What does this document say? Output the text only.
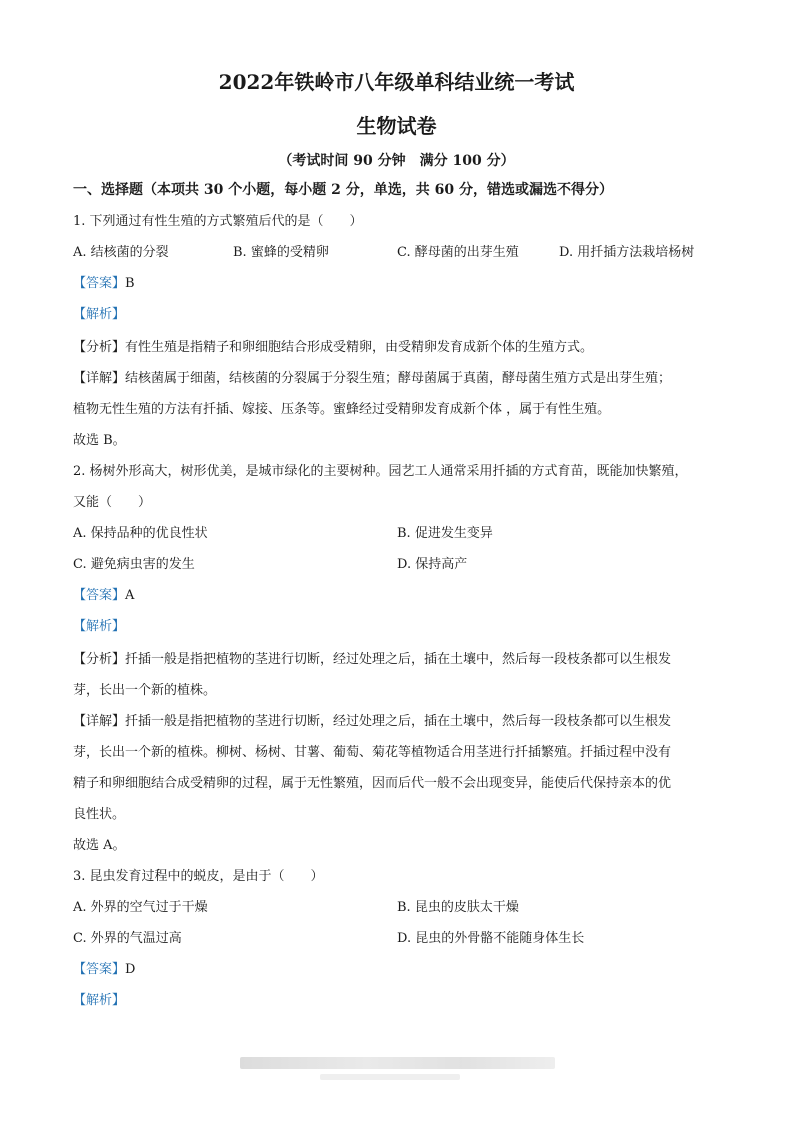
2022年铁岭市八年级单科结业统一考试
生物试卷
（考试时间 90 分钟　满分 100 分）
一、选择题（本项共 30 个小题，每小题 2 分，单选，共 60 分，错选或漏选不得分）
1. 下列通过有性生殖的方式繁殖后代的是（　　）
A. 结核菌的分裂	B. 蜜蜂的受精卵	C. 酵母菌的出芽生殖	D. 用扦插方法栽培杨树
【答案】B
【解析】
【分析】有性生殖是指精子和卵细胞结合形成受精卵，由受精卵发育成新个体的生殖方式。
【详解】结核菌属于细菌，结核菌的分裂属于分裂生殖；酵母菌属于真菌，酵母菌生殖方式是出芽生殖；
植物无性生殖的方法有扦插、嫁接、压条等。蜜蜂经过受精卵发育成新个体 ，属于有性生殖。
故选 B。
2. 杨树外形高大，树形优美，是城市绿化的主要树种。园艺工人通常采用扦插的方式育苗，既能加快繁殖，
又能（　　）
A. 保持品种的优良性状	B. 促进发生变异
C. 避免病虫害的发生	D. 保持高产
【答案】A
【解析】
【分析】扦插一般是指把植物的茎进行切断，经过处理之后，插在土壤中，然后每一段枝条都可以生根发
芽，长出一个新的植株。
【详解】扦插一般是指把植物的茎进行切断，经过处理之后，插在土壤中，然后每一段枝条都可以生根发
芽，长出一个新的植株。柳树、杨树、甘薯、葡萄、菊花等植物适合用茎进行扦插繁殖。扦插过程中没有
精子和卵细胞结合成受精卵的过程，属于无性繁殖，因而后代一般不会出现变异，能使后代保持亲本的优
良性状。
故选 A。
3. 昆虫发育过程中的蜕皮，是由于（　　）
A. 外界的空气过于干燥	B. 昆虫的皮肤太干燥
C. 外界的气温过高	D. 昆虫的外骨骼不能随身体生长
【答案】D
【解析】
